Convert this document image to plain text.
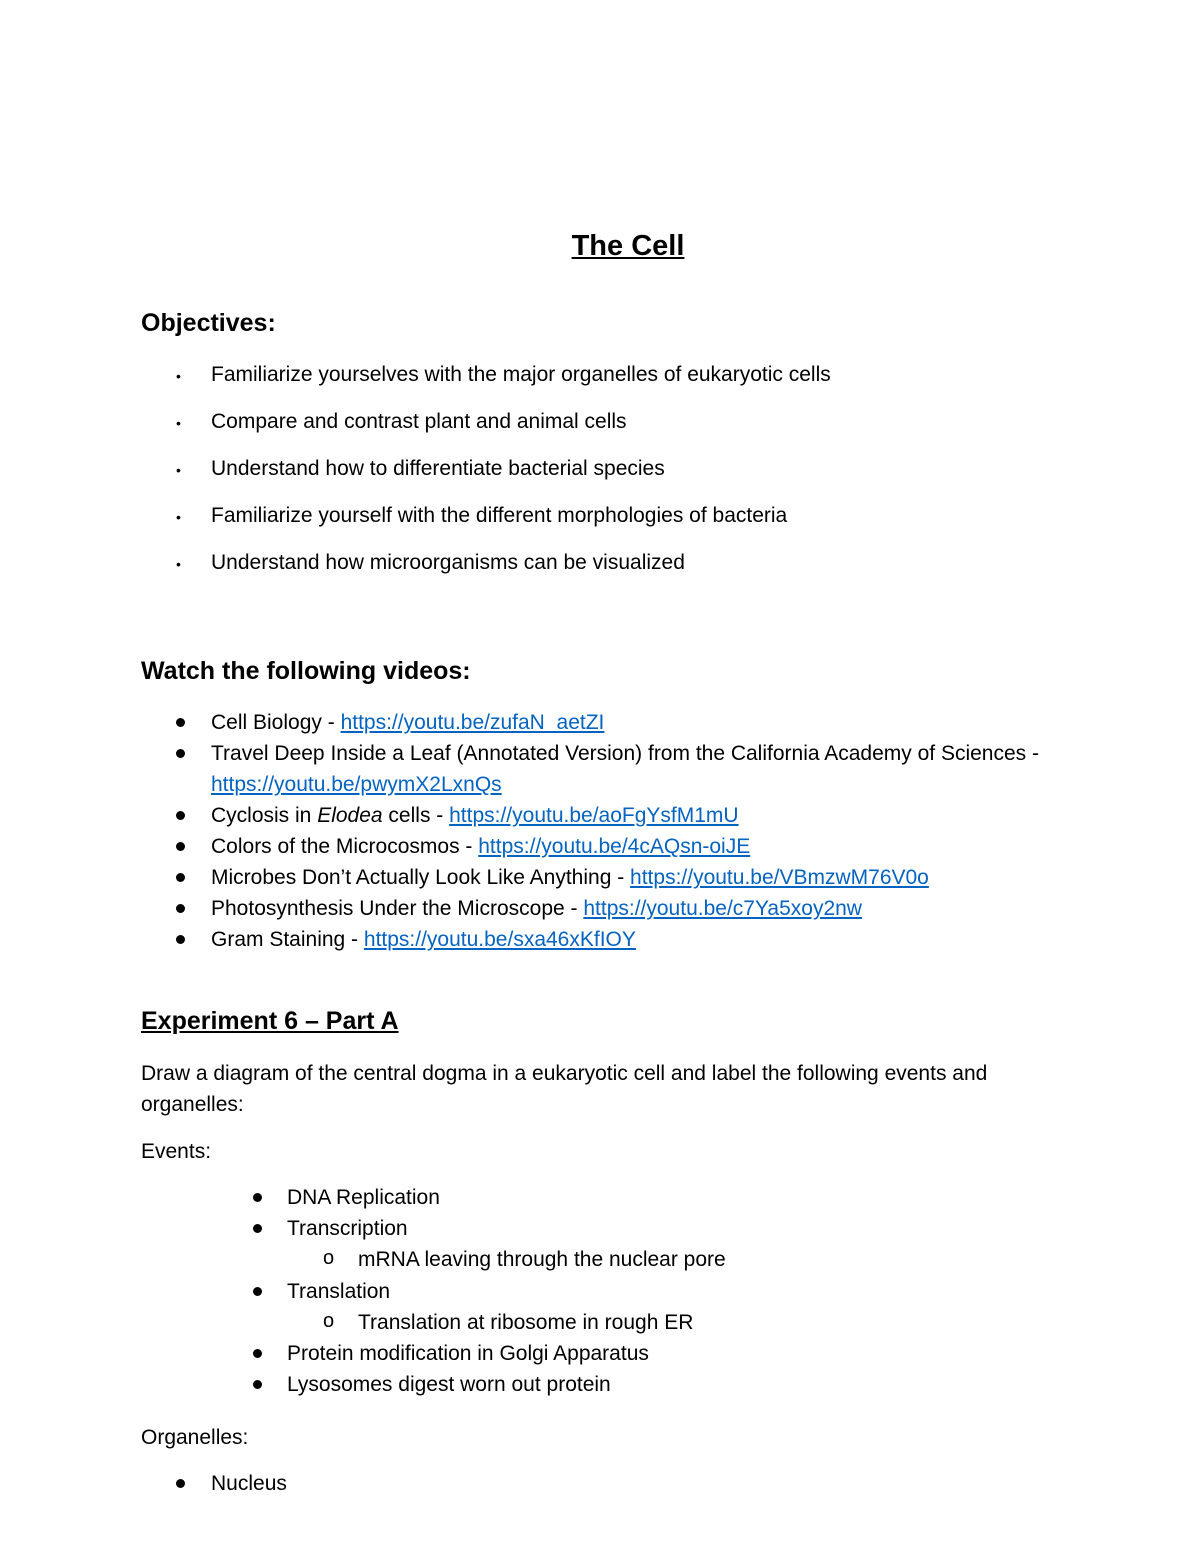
The Cell
Objectives:
• Familiarize yourselves with the major organelles of eukaryotic cells
• Compare and contrast plant and animal cells
• Understand how to differentiate bacterial species
• Familiarize yourself with the different morphologies of bacteria
• Understand how microorganisms can be visualized
Watch the following videos:
Cell Biology - https://youtu.be/zufaN_aetZI
Travel Deep Inside a Leaf (Annotated Version) from the California Academy of Sciences -
https://youtu.be/pwymX2LxnQs
Cyclosis in Elodea cells - https://youtu.be/aoFgYsfM1mU
Colors of the Microcosmos - https://youtu.be/4cAQsn-oiJE
Microbes Don’t Actually Look Like Anything - https://youtu.be/VBmzwM76V0o
Photosynthesis Under the Microscope - https://youtu.be/c7Ya5xoy2nw
Gram Staining - https://youtu.be/sxa46xKfIOY
Experiment 6 – Part A
Draw a diagram of the central dogma in a eukaryotic cell and label the following events and
organelles:
Events:
DNA Replication
Transcription
o mRNA leaving through the nuclear pore
Translation
o Translation at ribosome in rough ER
Protein modification in Golgi Apparatus
Lysosomes digest worn out protein
Organelles:
Nucleus
